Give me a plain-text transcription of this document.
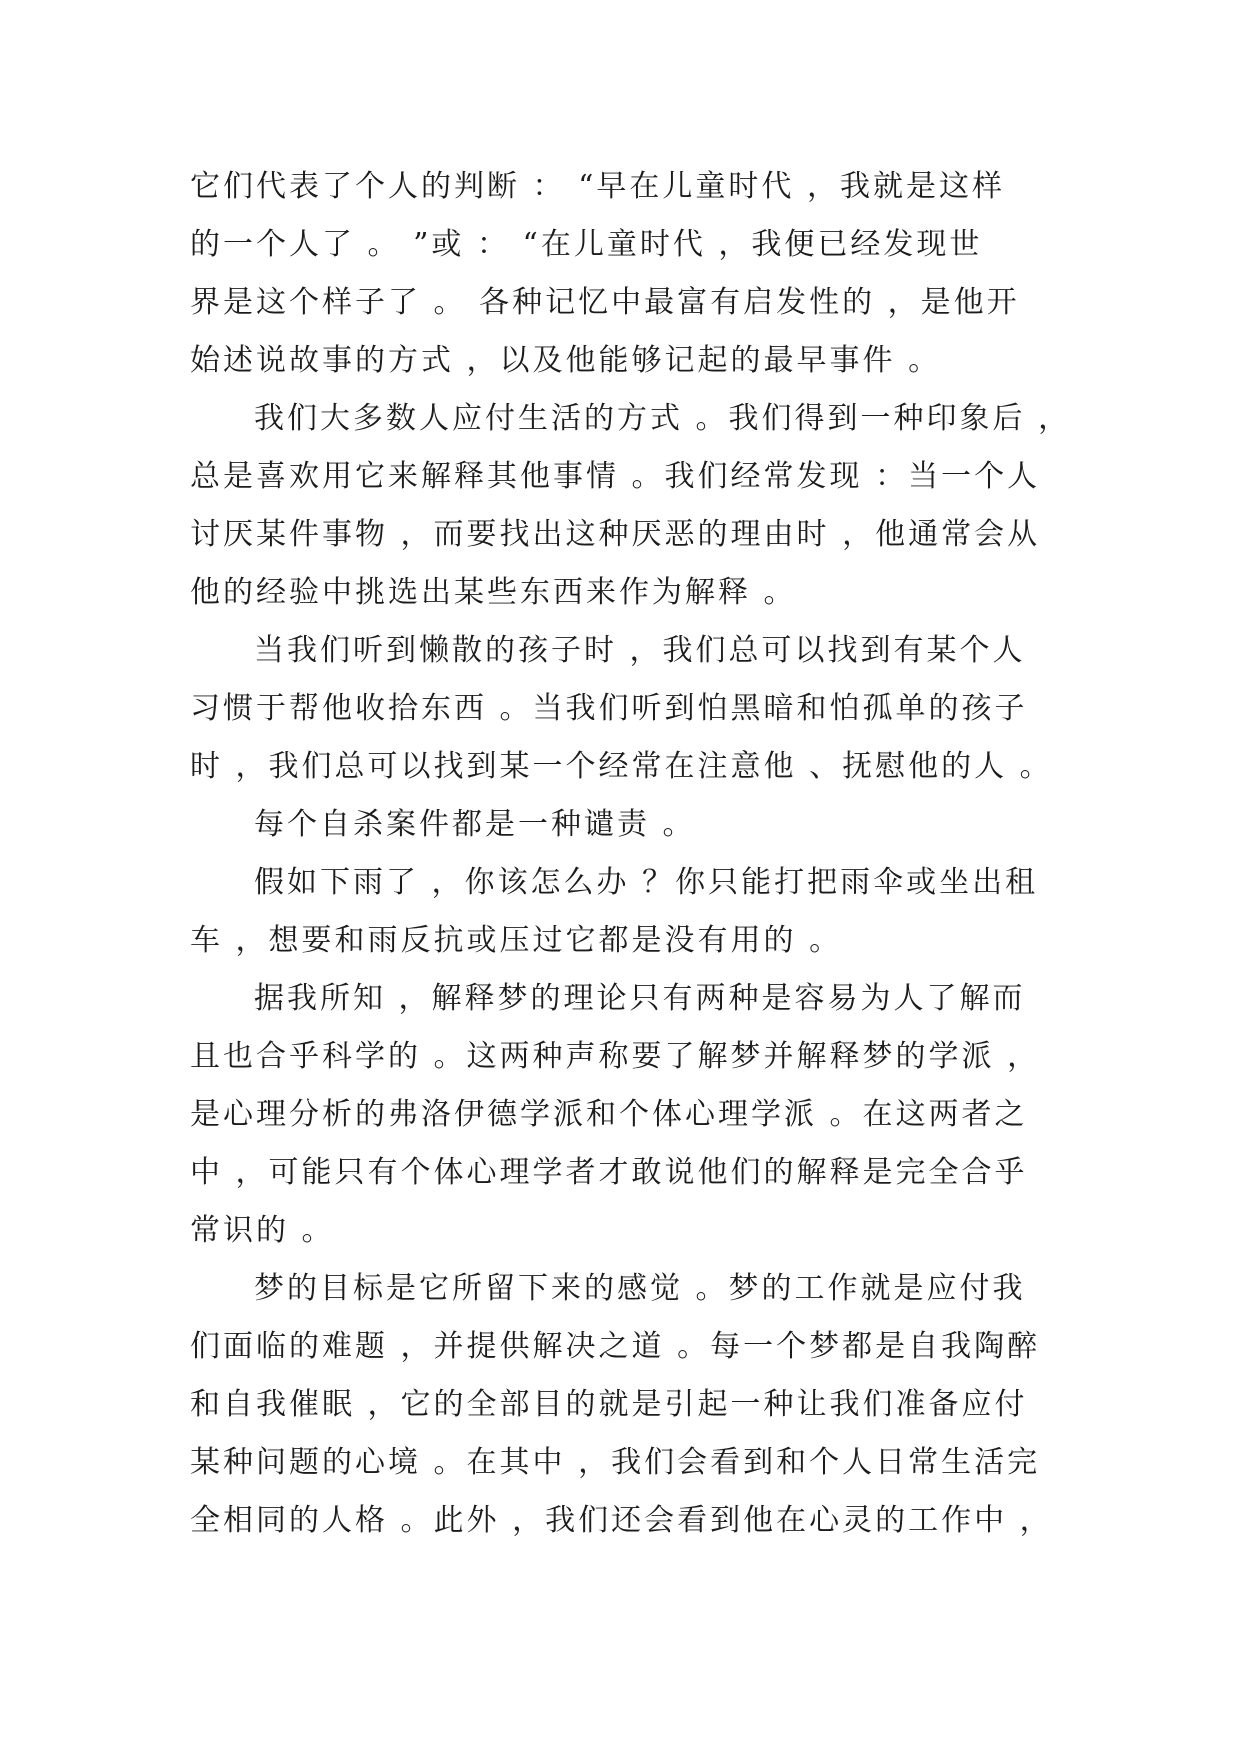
它们代表了个人的判断 ： “早在儿童时代 ，我就是这样
的一个人了 。 ”或 ： “在儿童时代 ，我便已经发现世
界是这个样子了 。 各种记忆中最富有启发性的 ，是他开
始述说故事的方式 ，以及他能够记起的最早事件 。
我们大多数人应付生活的方式 。我们得到一种印象后 ，
总是喜欢用它来解释其他事情 。我们经常发现 ：当一个人
讨厌某件事物 ，而要找出这种厌恶的理由时 ，他通常会从
他的经验中挑选出某些东西来作为解释 。
当我们听到懒散的孩子时 ，我们总可以找到有某个人
习惯于帮他收拾东西 。当我们听到怕黑暗和怕孤单的孩子
时 ，我们总可以找到某一个经常在注意他 、抚慰他的人 。
每个自杀案件都是一种谴责 。
假如下雨了 ，你该怎么办 ？你只能打把雨伞或坐出租
车 ，想要和雨反抗或压过它都是没有用的 。
据我所知 ，解释梦的理论只有两种是容易为人了解而
且也合乎科学的 。这两种声称要了解梦并解释梦的学派 ，
是心理分析的弗洛伊德学派和个体心理学派 。在这两者之
中 ，可能只有个体心理学者才敢说他们的解释是完全合乎
常识的 。
梦的目标是它所留下来的感觉 。梦的工作就是应付我
们面临的难题 ，并提供解决之道 。每一个梦都是自我陶醉
和自我催眠 ，它的全部目的就是引起一种让我们准备应付
某种问题的心境 。在其中 ，我们会看到和个人日常生活完
全相同的人格 。此外 ，我们还会看到他在心灵的工作中 ，
